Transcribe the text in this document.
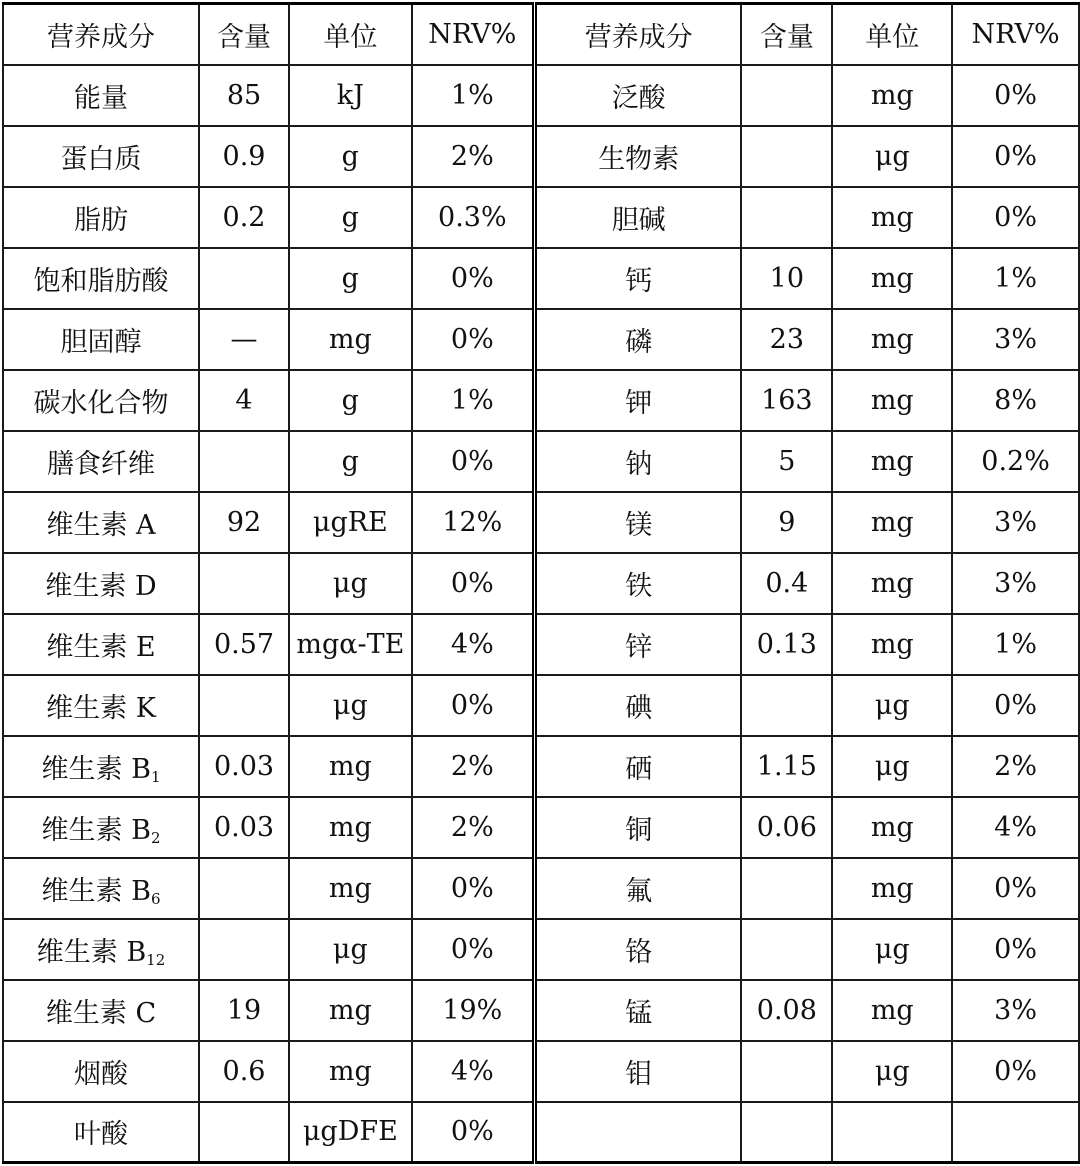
营养成分	含量	单位	NRV%	营养成分	含量	单位	NRV%
能量	85	kJ	1%	泛酸		mg	0%
蛋白质	0.9	g	2%	生物素		μg	0%
脂肪	0.2	g	0.3%	胆碱		mg	0%
饱和脂肪酸		g	0%	钙	10	mg	1%
胆固醇	—	mg	0%	磷	23	mg	3%
碳水化合物	4	g	1%	钾	163	mg	8%
膳食纤维		g	0%	钠	5	mg	0.2%
维生素 A	92	μgRE	12%	镁	9	mg	3%
维生素 D		μg	0%	铁	0.4	mg	3%
维生素 E	0.57	mgα-TE	4%	锌	0.13	mg	1%
维生素 K		μg	0%	碘		μg	0%
维生素 $B_1$	0.03	mg	2%	硒	1.15	μg	2%
维生素 $B_2$	0.03	mg	2%	铜	0.06	mg	4%
维生素 $B_6$		mg	0%	氟		mg	0%
维生素 $B_{12}$		μg	0%	铬		μg	0%
维生素 C	19	mg	19%	锰	0.08	mg	3%
烟酸	0.6	mg	4%	钼		μg	0%
叶酸		μgDFE	0%				
